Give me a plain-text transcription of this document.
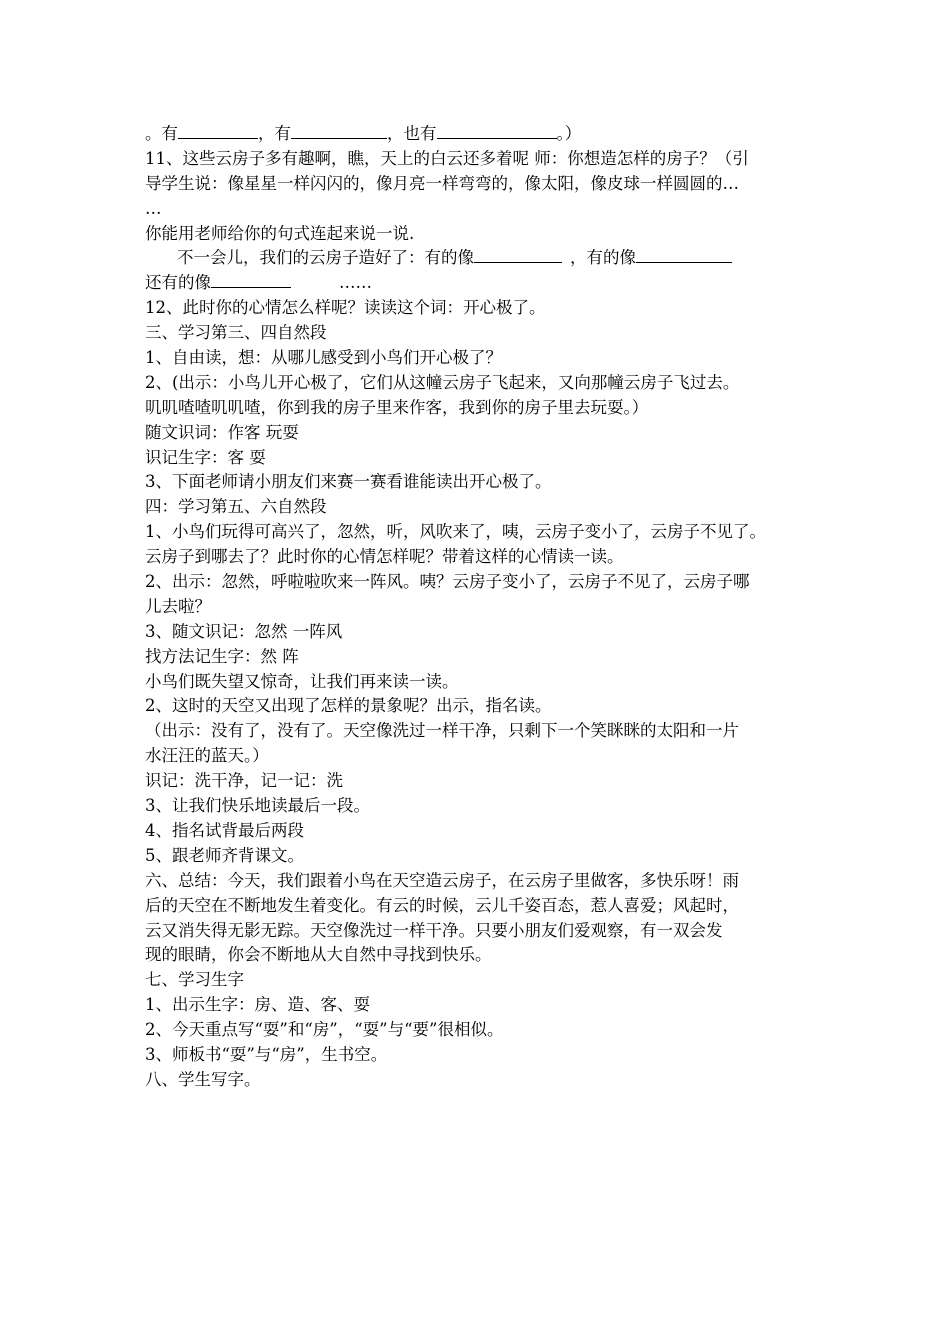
。有	，有	，也有	。）
11、这些云房子多有趣啊，瞧，天上的白云还多着呢 师：你想造怎样的房子？（引
导学生说：像星星一样闪闪的，像月亮一样弯弯的，像太阳，像皮球一样圆圆的…
…
你能用老师给你的句式连起来说一说.
不一会儿，我们的云房子造好了：有的像	，有的像
还有的像	……
12、此时你的心情怎么样呢？读读这个词：开心极了。
三、学习第三、四自然段
1、自由读，想：从哪儿感受到小鸟们开心极了？
2、(出示：小鸟儿开心极了，它们从这幢云房子飞起来，又向那幢云房子飞过去。
叽叽喳喳叽叽喳，你到我的房子里来作客，我到你的房子里去玩耍。）
随文识词：作客 玩耍
识记生字：客 耍
3、下面老师请小朋友们来赛一赛看谁能读出开心极了。
四：学习第五、六自然段
1、小鸟们玩得可高兴了，忽然，听，风吹来了，咦，云房子变小了，云房子不见了。
云房子到哪去了？此时你的心情怎样呢？带着这样的心情读一读。
2、出示：忽然，呼啦啦吹来一阵风。咦？云房子变小了，云房子不见了，云房子哪
儿去啦？
3、随文识记：忽然 一阵风
找方法记生字：然 阵
小鸟们既失望又惊奇，让我们再来读一读。
2、这时的天空又出现了怎样的景象呢？出示，指名读。
（出示：没有了，没有了。天空像洗过一样干净，只剩下一个笑眯眯的太阳和一片
水汪汪的蓝天。）
识记：洗干净，记一记：洗
3、让我们快乐地读最后一段。
4、指名试背最后两段
5、跟老师齐背课文。
六、总结：今天，我们跟着小鸟在天空造云房子，在云房子里做客，多快乐呀！雨
后的天空在不断地发生着变化。有云的时候，云儿千姿百态，惹人喜爱；风起时，
云又消失得无影无踪。天空像洗过一样干净。只要小朋友们爱观察，有一双会发
现的眼睛，你会不断地从大自然中寻找到快乐。
七、学习生字
1、出示生字：房、造、客、耍
2、今天重点写“耍”和“房”，“耍”与“要”很相似。
3、师板书“耍”与“房”，生书空。
八、学生写字。
